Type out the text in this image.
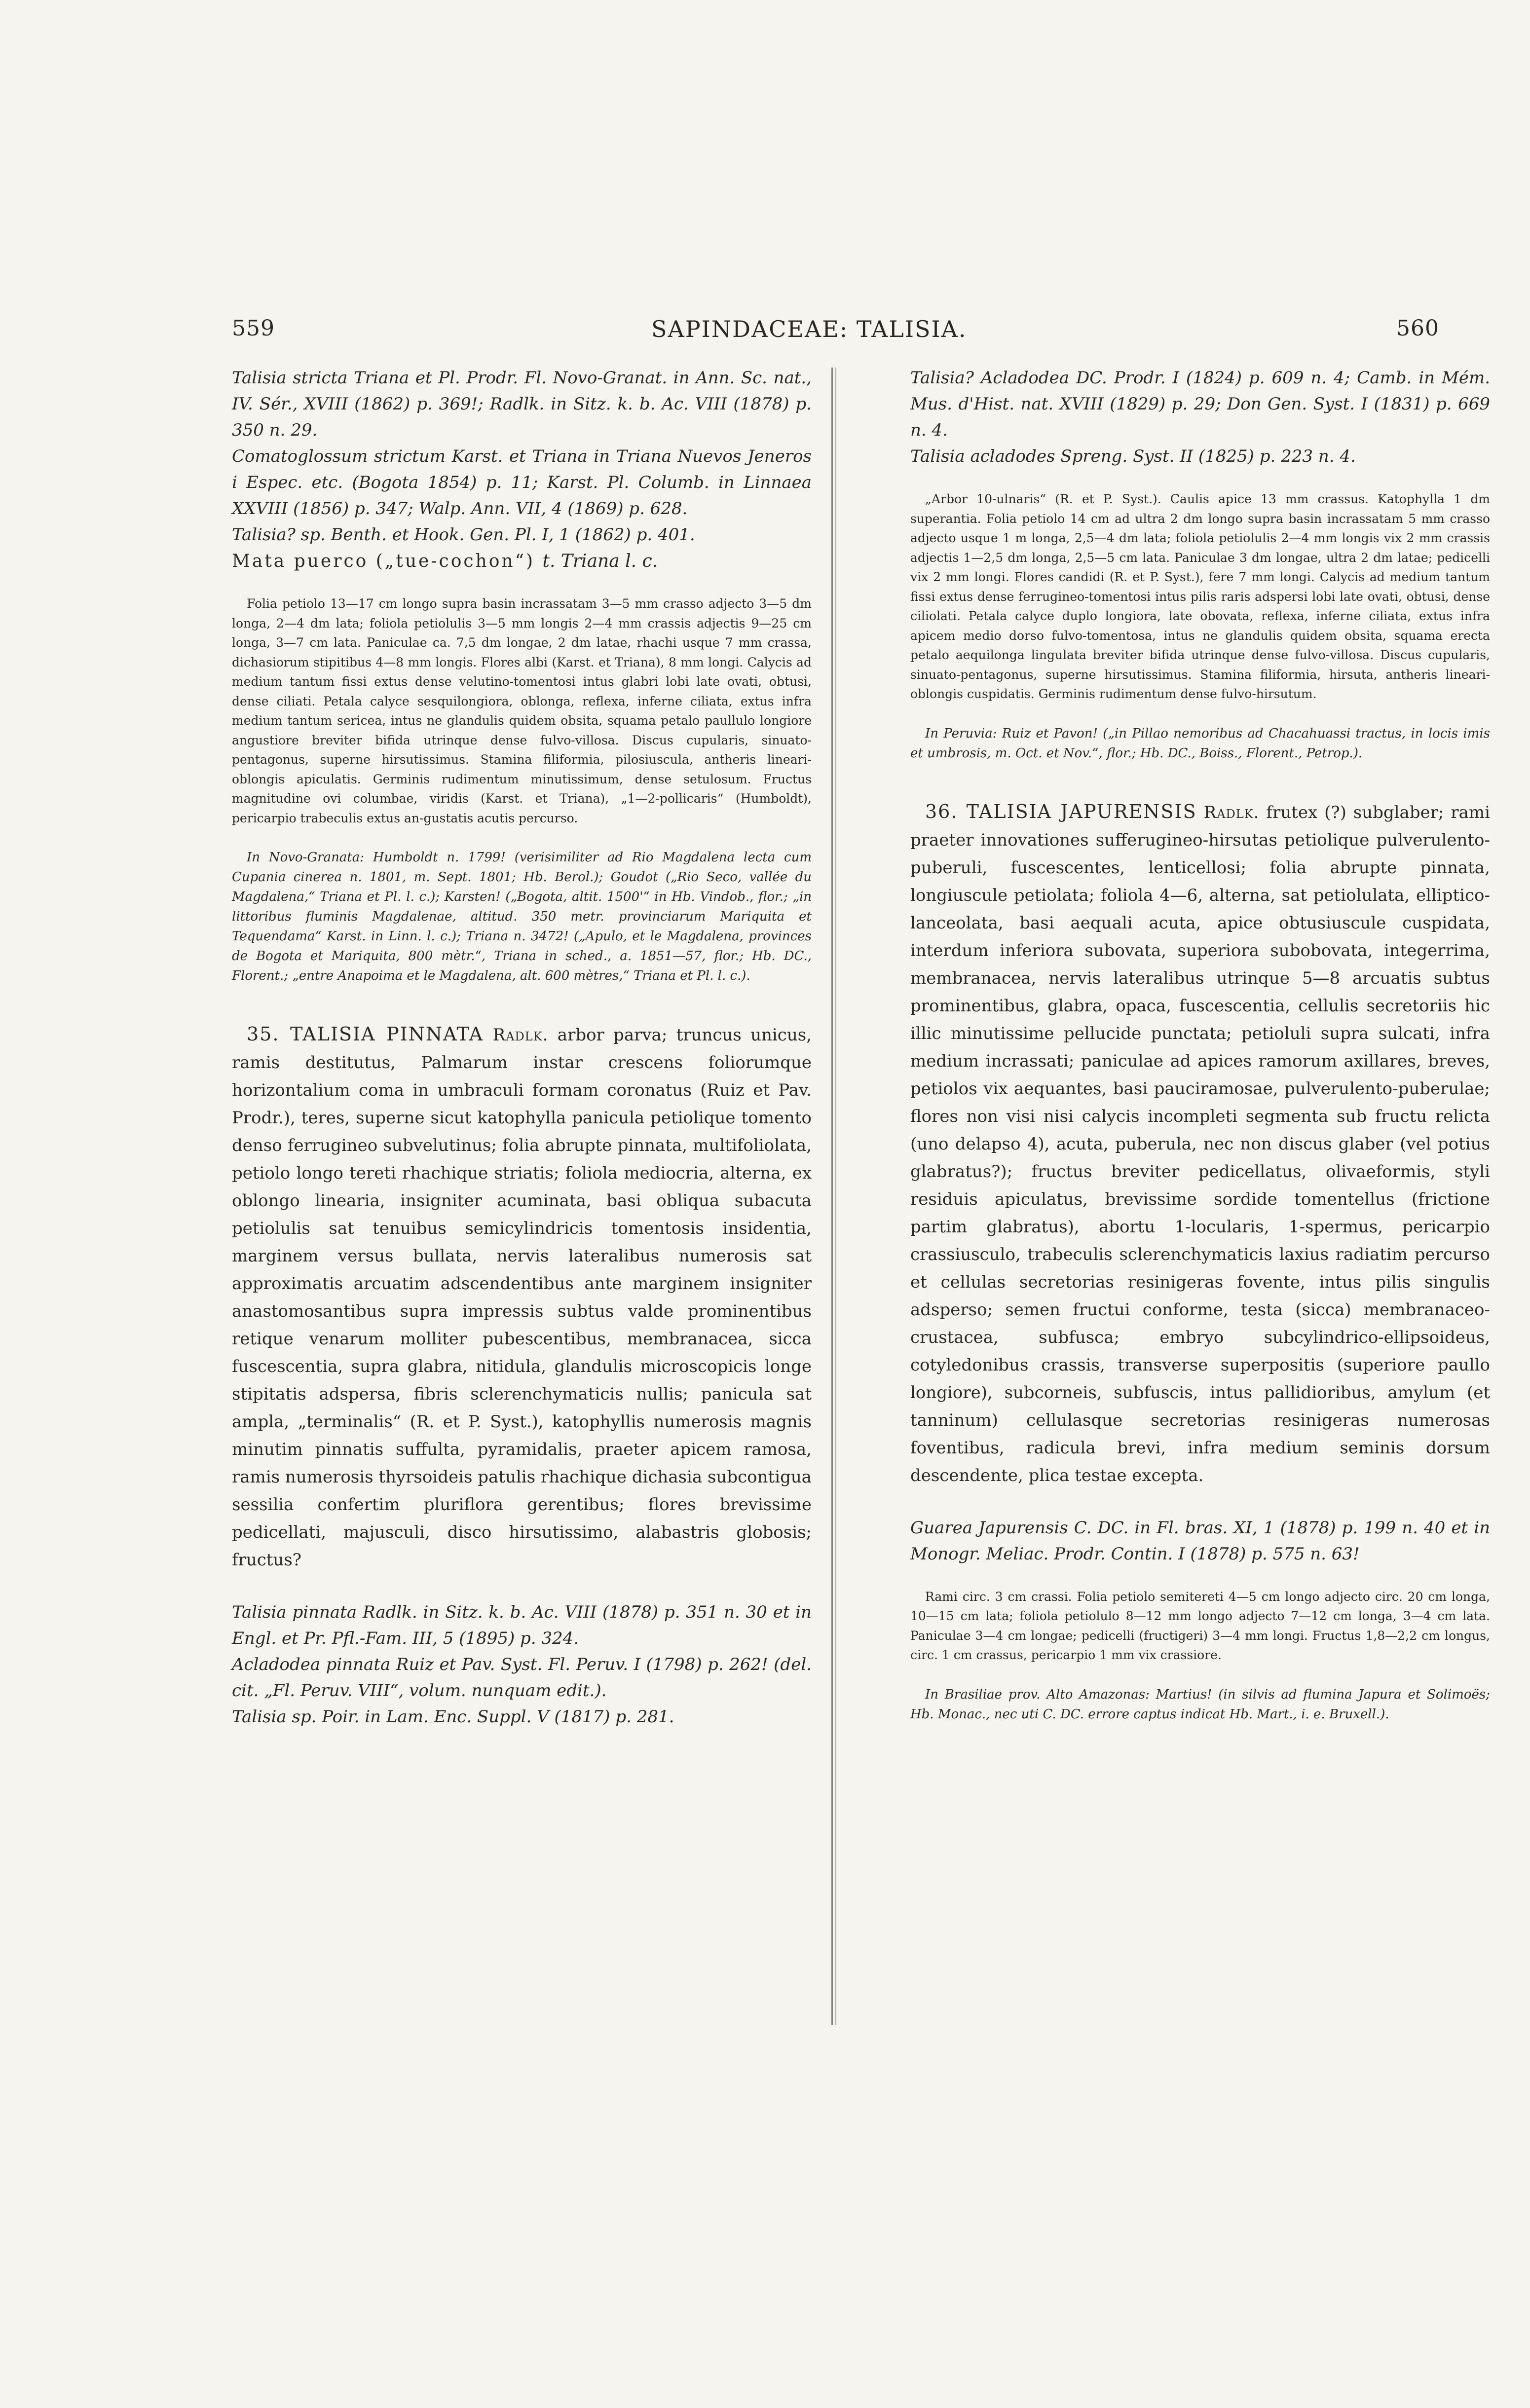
559	SAPINDACEAE: TALISIA.	560

Talisia stricta Triana et Pl. Prodr. Fl. Novo-Granat. in Ann. Sc. nat., IV. Sér., XVIII (1862) p. 369!; Radlk. in Sitz. k. b. Ac. VIII (1878) p. 350 n. 29.

Comatoglossum strictum Karst. et Triana in Triana Nuevos Jeneros i Espec. etc. (Bogota 1854) p. 11; Karst. Pl. Columb. in Linnaea XXVIII (1856) p. 347; Walp. Ann. VII, 4 (1869) p. 628.

Talisia? sp. Benth. et Hook. Gen. Pl. I, 1 (1862) p. 401.

Mata puerco („tue-cochon“) t. Triana l. c.

Folia petiolo 13—17 cm longo supra basin incrassatam 3—5 mm crasso adjecto 3—5 dm longa, 2—4 dm lata; foliola petiolulis 3—5 mm longis 2—4 mm crassis adjectis 9—25 cm longa, 3—7 cm lata. Paniculae ca. 7,5 dm longae, 2 dm latae, rhachi usque 7 mm crassa, dichasiorum stipitibus 4—8 mm longis. Flores albi (Karst. et Triana), 8 mm longi. Calycis ad medium tantum fissi extus dense velutino-tomentosi intus glabri lobi late ovati, obtusi, dense ciliati. Petala calyce sesquilongiora, oblonga, reflexa, inferne ciliata, extus infra medium tantum sericea, intus ne glandulis quidem obsita, squama petalo paullulo longiore angustiore breviter bifida utrinque dense fulvo-villosa. Discus cupularis, sinuato-pentagonus, superne hirsutissimus. Stamina filiformia, pilosiuscula, antheris lineari-oblongis apiculatis. Germinis rudimentum minutissimum, dense setulosum. Fructus magnitudine ovi columbae, viridis (Karst. et Triana), „1—2-pollicaris“ (Humboldt), pericarpio trabeculis extus an-gustatis acutis percurso.

In Novo-Granata: Humboldt n. 1799! (verisimiliter ad Rio Magdalena lecta cum Cupania cinerea n. 1801, m. Sept. 1801; Hb. Berol.); Goudot („Rio Seco, vallée du Magdalena,“ Triana et Pl. l. c.); Karsten! („Bogota, altit. 1500'“ in Hb. Vindob., flor.; „in littoribus fluminis Magdalenae, altitud. 350 metr. provinciarum Mariquita et Tequendama“ Karst. in Linn. l. c.); Triana n. 3472! („Apulo, et le Magdalena, provinces de Bogota et Mariquita, 800 mètr.“, Triana in sched., a. 1851—57, flor.; Hb. DC., Florent.; „entre Anapoima et le Magdalena, alt. 600 mètres,“ Triana et Pl. l. c.).

35. TALISIA PINNATA Radlk. arbor parva; truncus unicus, ramis destitutus, Palmarum instar crescens foliorumque horizontalium coma in umbraculi formam coronatus (Ruiz et Pav. Prodr.), teres, superne sicut katophylla panicula petiolique tomento denso ferrugineo subvelutinus; folia abrupte pinnata, multifoliolata, petiolo longo tereti rhachique striatis; foliola mediocria, alterna, ex oblongo linearia, insigniter acuminata, basi obliqua subacuta petiolulis sat tenuibus semicylindricis tomentosis insidentia, marginem versus bullata, nervis lateralibus numerosis sat approximatis arcuatim adscendentibus ante marginem insigniter anastomosantibus supra impressis subtus valde prominentibus retique venarum molliter pubescentibus, membranacea, sicca fuscescentia, supra glabra, nitidula, glandulis microscopicis longe stipitatis adspersa, fibris sclerenchymaticis nullis; panicula sat ampla, „terminalis“ (R. et P. Syst.), katophyllis numerosis magnis minutim pinnatis suffulta, pyramidalis, praeter apicem ramosa, ramis numerosis thyrsoideis patulis rhachique dichasia subcontigua sessilia confertim pluriflora gerentibus; flores brevissime pedicellati, majusculi, disco hirsutissimo, alabastris globosis; fructus?

Talisia pinnata Radlk. in Sitz. k. b. Ac. VIII (1878) p. 351 n. 30 et in Engl. et Pr. Pfl.-Fam. III, 5 (1895) p. 324.

Acladodea pinnata Ruiz et Pav. Syst. Fl. Peruv. I (1798) p. 262! (del. cit. „Fl. Peruv. VIII“, volum. nunquam edit.).

Talisia sp. Poir. in Lam. Enc. Suppl. V (1817) p. 281.

Talisia? Acladodea DC. Prodr. I (1824) p. 609 n. 4; Camb. in Mém. Mus. d'Hist. nat. XVIII (1829) p. 29; Don Gen. Syst. I (1831) p. 669 n. 4.

Talisia acladodes Spreng. Syst. II (1825) p. 223 n. 4.

„Arbor 10-ulnaris“ (R. et P. Syst.). Caulis apice 13 mm crassus. Katophylla 1 dm superantia. Folia petiolo 14 cm ad ultra 2 dm longo supra basin incrassatam 5 mm crasso adjecto usque 1 m longa, 2,5—4 dm lata; foliola petiolulis 2—4 mm longis vix 2 mm crassis adjectis 1—2,5 dm longa, 2,5—5 cm lata. Paniculae 3 dm longae, ultra 2 dm latae; pedicelli vix 2 mm longi. Flores candidi (R. et P. Syst.), fere 7 mm longi. Calycis ad medium tantum fissi extus dense ferrugineo-tomentosi intus pilis raris adspersi lobi late ovati, obtusi, dense ciliolati. Petala calyce duplo longiora, late obovata, reflexa, inferne ciliata, extus infra apicem medio dorso fulvo-tomentosa, intus ne glandulis quidem obsita, squama erecta petalo aequilonga lingulata breviter bifida utrinque dense fulvo-villosa. Discus cupularis, sinuato-pentagonus, superne hirsutissimus. Stamina filiformia, hirsuta, antheris lineari-oblongis cuspidatis. Germinis rudimentum dense fulvo-hirsutum.

In Peruvia: Ruiz et Pavon! („in Pillao nemoribus ad Chacahuassi tractus, in locis imis et umbrosis, m. Oct. et Nov.“, flor.; Hb. DC., Boiss., Florent., Petrop.).

36. TALISIA JAPURENSIS Radlk. frutex (?) subglaber; rami praeter innovationes sufferugineo-hirsutas petiolique pulverulento-puberuli, fuscescentes, lenticellosi; folia abrupte pinnata, longiuscule petiolata; foliola 4—6, alterna, sat petiolulata, elliptico-lanceolata, basi aequali acuta, apice obtusiuscule cuspidata, interdum inferiora subovata, superiora subobovata, integerrima, membranacea, nervis lateralibus utrinque 5—8 arcuatis subtus prominentibus, glabra, opaca, fuscescentia, cellulis secretoriis hic illic minutissime pellucide punctata; petioluli supra sulcati, infra medium incrassati; paniculae ad apices ramorum axillares, breves, petiolos vix aequantes, basi pauciramosae, pulverulento-puberulae; flores non visi nisi calycis incompleti segmenta sub fructu relicta (uno delapso 4), acuta, puberula, nec non discus glaber (vel potius glabratus?); fructus breviter pedicellatus, olivaeformis, styli residuis apiculatus, brevissime sordide tomentellus (frictione partim glabratus), abortu 1-locularis, 1-spermus, pericarpio crassiusculo, trabeculis sclerenchymaticis laxius radiatim percurso et cellulas secretorias resinigeras fovente, intus pilis singulis adsperso; semen fructui conforme, testa (sicca) membranaceo-crustacea, subfusca; embryo subcylindrico-ellipsoideus, cotyledonibus crassis, transverse superpositis (superiore paullo longiore), subcorneis, subfuscis, intus pallidioribus, amylum (et tanninum) cellulasque secretorias resinigeras numerosas foventibus, radicula brevi, infra medium seminis dorsum descendente, plica testae excepta.

Guarea Japurensis C. DC. in Fl. bras. XI, 1 (1878) p. 199 n. 40 et in Monogr. Meliac. Prodr. Contin. I (1878) p. 575 n. 63!

Rami circ. 3 cm crassi. Folia petiolo semitereti 4—5 cm longo adjecto circ. 20 cm longa, 10—15 cm lata; foliola petiolulo 8—12 mm longo adjecto 7—12 cm longa, 3—4 cm lata. Paniculae 3—4 cm longae; pedicelli (fructigeri) 3—4 mm longi. Fructus 1,8—2,2 cm longus, circ. 1 cm crassus, pericarpio 1 mm vix crassiore.

In Brasiliae prov. Alto Amazonas: Martius! (in silvis ad flumina Japura et Solimoës; Hb. Monac., nec uti C. DC. errore captus indicat Hb. Mart., i. e. Bruxell.).
